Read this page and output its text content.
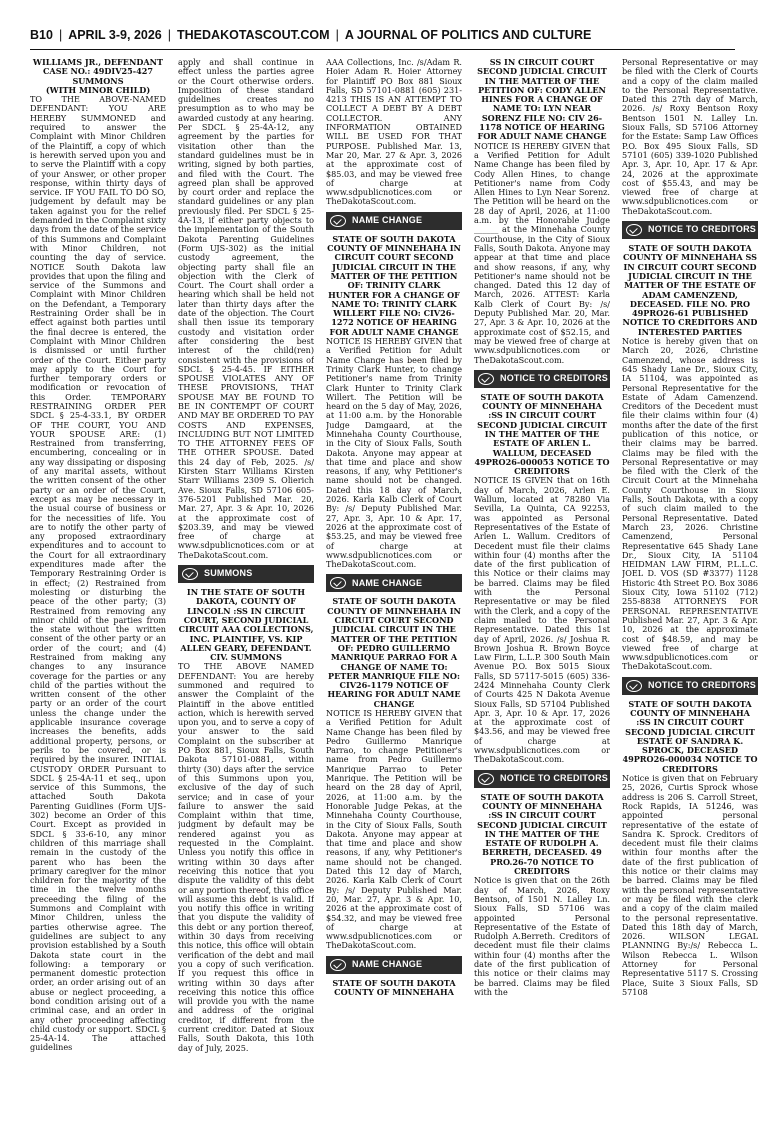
B10 | APRIL 3-9, 2026 | THEDAKOTASCOUT.COM | A JOURNAL OF POLITICS AND CULTURE
WILLIAMS JR., DEFENDANT
CASE NO.: 49DIV25-427
SUMMONS
(WITH MINOR CHILD)

TO THE ABOVE-NAMED DEFENDANT: YOU ARE HEREBY SUMMONED and required to answer the Complaint with Minor Children of the Plaintiff, a copy of which is herewith served upon you and to serve the Plaintiff with a copy of your Answer, or other proper response, within thirty days of service. IF YOU FAIL TO DO SO, judgement by default may be taken against you for the relief demanded in the Complaint sixty days from the date of the service of this Summons and Complaint with Minor Children, not counting the day of service. NOTICE South Dakota law provides that upon the filing and service of the Summons and Complaint with Minor Children on the Defendant, a Temporary Restraining Order shall be in effect against both parties until the final decree is entered, the Complaint with Minor Children is dismissed or until further order of the Court. Either party may apply to the Court for further temporary orders or modification or revocation of this Order. TEMPORARY RESTRAINING ORDER PER SDCL § 25-4-33.1, BY ORDER OF THE COURT, YOU AND YOUR SPOUSE ARE: (1) Restrained from transferring, encumbering, concealing or in any way dissipating or disposing of any marital assets, without the written consent of the other party or an order of the Court, except as may be necessary in the usual course of business or for the necessities of life. You are to notify the other party of any proposed extraordinary expenditures and to account to the Court for all extraordinary expenditures made after the Temporary Restraining Order is in effect; (2) Restrained from molesting or disturbing the peace of the other party; (3) Restrained from removing any minor child of the parties from the state without the written consent of the other party or an order of the court; and (4) Restrained from making any changes to any insurance coverage for the parties or any child of the parties without the written consent of the other party or an order of the court unless the change under the applicable insurance coverage increases the benefits, adds additional property, persons, or perils to be covered, or is required by the insurer. INITIAL CUSTODY ORDER Pursuant to SDCL § 25-4A-11 et seq., upon service of this Summons, the attached South Dakota Parenting Guidlines (Form UJS-302) become an Order of this Court. Except as provided in SDCL § 33-6-10, any minor children of this marriage shall remain in the custody of the parent who has been the primary caregiver for the minor children for the majority of the time in the twelve months preceeding the filing of the Summons and Complaint with Minor Children, unless the parties otherwise agree. The guidelines are subject to any provision established by a South Dakota state court in the following: a temporary or permanent domestic protection order, an order arising out of an abuse or neglect proceeding, a bond condition arising out of a criminal case, and an order in any other proceeding affecting child custody or support. SDCL § 25-4A-14. The attached guidelines

apply and shall continue in effect unless the parties agree or the Court otherwise orders. Imposition of these standard guidelines creates no presumption as to who may be awarded custody at any hearing. Per SDCL § 25-4A-12, any agreement by the parties for visitation other than the standard guidelines must be in writing, signed by both parties, and filed with the Court. The agreed plan shall be approved by court order and replace the standard guidelines or any plan previously filed. Per SDCL § 25-4A-13, if either party objects to the implementation of the South Dakota Parenting Guidelines (Form UJS-302) as the initial custody agreement, the objecting party shall file an objection with the Clerk of Court. The Court shall order a hearing which shall be held not later than thirty days after the date of the objection. The Court shall then issue its temporary custody and visitation order after considering the best interest of the child(ren) consistent with the provisions of SDCL § 25-4-45. IF EITHER SPOUSE VIOLATES ANY OF THESE PROVISIONS, THAT SPOUSE MAY BE FOUND TO BE IN CONTEMPT OF COURT AND MAY BE ORDERED TO PAY COSTS AND EXPENSES, INCLUDING BUT NOT LIMITED TO THE ATTORNEY FEES OF THE OTHER SPOUSE. Dated this 24 day of Feb, 2025. /s/ Kirsten Starr Williams Kirsten Starr Williams 2309 S. Olierich Ave. Sioux Falls, SD 57106 605-376-5201 Published Mar. 20, Mar. 27, Apr. 3 & Apr. 10, 2026 at the approximate cost of $203.39, and may be viewed free of charge at www.sdpublicnotices.com or at TheDakotaScout.com.

SUMMONS
IN THE STATE OF SOUTH DAKOTA, COUNTY OF LINCOLN :SS IN CIRCUIT COURT, SECOND JUDICIAL CIRCUIT AAA COLLECTIONS, INC. PLAINTIFF, VS. KIP ALLEN GEARY, DEFENDANT. CIV. SUMMONS

TO THE ABOVE NAMED DEFENDANT: You are hereby summoned and required to answer the Complaint of the Plaintiff in the above entitled action, which is herewith served upon you, and to serve a copy of your answer to the said Complaint on the subscriber at PO Box 881, Sioux Falls, South Dakota 57101-0881, within thirty (30) days after the service of this Summons upon you, exclusive of the day of such service; and in case of your failure to answer the said Complaint within that time, judgment by default may be rendered against you as requested in the Complaint. Unless you notify this office in writing within 30 days after receiving this notice that you dispute the validity of this debt or any portion thereof, this office will assume this debt is valid. If you notify this office in writing that you dispute the validity of this debt or any portion thereof, within 30 days from receiving this notice, this office will obtain verification of the debt and mail you a copy of such verification. If you request this office in writing within 30 days after receiving this notice this office will provide you with the name and address of the original creditor, if different from the current creditor. Dated at Sioux Falls, South Dakota, this 10th day of July, 2025.

AAA Collections, Inc. /s/Adam R. Hoier Adam R. Hoier Attorney for Plaintiff PO Box 881 Sioux Falls, SD 57101-0881 (605) 231-4213 THIS IS AN ATTEMPT TO COLLECT A DEBT BY A DEBT COLLECTOR. ANY INFORMATION OBTAINED WILL BE USED FOR THAT PURPOSE. Published Mar. 13, Mar 20, Mar. 27 & Apr. 3, 2026 at the approximate cost of $85.03, and may be viewed free of charge at www.sdpublicnotices.com or TheDakotaScout.com.

NAME CHANGE
STATE OF SOUTH DAKOTA COUNTY OF MINNEHAHA IN CIRCUIT COURT SECOND JUDICIAL CIRCUIT IN THE MATTER OF THE PETITION OF: TRINITY CLARK HUNTER FOR A CHANGE OF NAME TO: TRINITY CLARK WILLERT FILE NO: CIV26-1272 NOTICE OF HEARING FOR ADULT NAME CHANGE

NOTICE IS HEREBY GIVEN that a Verified Petition for Adult Name Change has been filed by Trinity Clark Hunter, to change Petitioner's name from Trinity Clark Hunter to Trinity Clark Willert. The Petition will be heard on the 5 day of May, 2026, at 11:00 a.m. by the Honorable Judge Damgaard, at the Minnehaha County Courthouse, in the City of Sioux Falls, South Dakota. Anyone may appear at that time and place and show reasons, if any, why Petitioner's name should not be changed. Dated this 18 day of March, 2026. Karla Kalb Clerk of Court By: /s/ Deputy Published Mar. 27, Apr. 3, Apr. 10 & Apr. 17, 2026 at the approximate cost of $53.25, and may be viewed free of charge at www.sdpublicnotices.com or TheDakotaScout.com.

NAME CHANGE
STATE OF SOUTH DAKOTA COUNTY OF MINNEHAHA IN CIRCUIT COURT SECOND JUDICIAL CIRCUIT IN THE MATTER OF THE PETITION OF: PEDRO GUILLERMO MANRIQUE PARRAO FOR A CHANGE OF NAME TO: PETER MANRIQUE FILE NO: CIV26-1179 NOTICE OF HEARING FOR ADULT NAME CHANGE

NOTICE IS HEREBY GIVEN that a Verified Petition for Adult Name Change has been filed by Pedro Guillermo Manrique Parrao, to change Petitioner's name from Pedro Guillermo Manrique Parrao to Peter Manrique. The Petition will be heard on the 28 day of April, 2026, at 11:00 a.m. by the Honorable Judge Pekas, at the Minnehaha County Courthouse, in the City of Sioux Falls, South Dakota. Anyone may appear at that time and place and show reasons, if any, why Petitioner's name should not be changed. Dated this 12 day of March, 2026. Karla Kalb Clerk of Court By: /s/ Deputy Published Mar. 20, Mar. 27, Apr. 3 & Apr. 10, 2026 at the approximate cost of $54.32, and may be viewed free of charge at www.sdpublicnotices.com or TheDakotaScout.com.

NAME CHANGE
STATE OF SOUTH DAKOTA COUNTY OF MINNEHAHA
SS IN CIRCUIT COURT SECOND JUDICIAL CIRCUIT IN THE MATTER OF THE PETITION OF: CODY ALLEN HINES FOR A CHANGE OF NAME TO: LYN NEAR SORENZ FILE NO: CIV 26-1178 NOTICE OF HEARING FOR ADULT NAME CHANGE

NOTICE IS HEREBY GIVEN that a Verified Petition for Adult Name Change has been filed by Cody Allen Hines, to change Petitioner's name from Cody Allen Hines to Lyn Near Sorenz. The Petition will be heard on the 28 day of April, 2026, at 11:00 a.m. by the Honorable Judge ______ at the Minnehaha County Courthouse, in the City of Sioux Falls, South Dakota. Anyone may appear at that time and place and show reasons, if any, why Petitioner's name should not be changed. Dated this 12 day of March, 2026. ATTEST: Karla Kalb Clerk of Court By: /s/ Deputy Published Mar. 20, Mar. 27, Apr. 3 & Apr. 10, 2026 at the approximate cost of $52.15, and may be viewed free of charge at www.sdpublicnotices.com or TheDakotaScout.com.

NOTICE TO CREDITORS
STATE OF SOUTH DAKOTA COUNTY OF MINNEHAHA :SS IN CIRCUIT COURT SECOND JUDICIAL CIRCUIT IN THE MATTER OF THE ESTATE OF ARLEN L. WALLUM, DECEASED 49PRO26-000053 NOTICE TO CREDITORS

NOTICE IS GIVEN that on 16th day of March, 2026, Arlen E. Wallum, located at 78280 Via Sevilla, La Quinta, CA 92253, was appointed as Personal Representatives of the Estate of Arlen L. Wallum. Creditors of Decedent must file their claims within four (4) months after the date of the first publication of this Notice or their claims may be barred. Claims may be filed with the Personal Representative or may be filed with the Clerk, and a copy of the claim mailed to the Personal Representative. Dated this 1st day of April, 2026. /s/ Joshua R. Brown Joshua R. Brown Boyce Law Firm, L.L.P. 300 South Main Avenue P.O. Box 5015 Sioux Falls, SD 57117-5015 (605) 336-2424 Minnehaha County Clerk of Courts 425 N Dakota Avenue Sioux Falls, SD 57104 Published Apr. 3, Apr. 10 & Apr. 17, 2026 at the approximate cost of $43.56, and may be viewed free of charge at www.sdpublicnotices.com or TheDakotaScout.com.

NOTICE TO CREDITORS
STATE OF SOUTH DAKOTA COUNTY OF MINNEHAHA :SS IN CIRCUIT COURT SECOND JUDICIAL CIRCUIT IN THE MATTER OF THE ESTATE OF RUDOLPH A. BERRETH, DECEASED. 49 PRO.26-70 NOTICE TO CREDITORS

Notice is given that on the 26th day of March, 2026, Roxy Bentson, of 1501 N. Lalley Ln. Sioux Falls, SD 57106 was appointed Personal Representative of the Estate of Rudolph A.Berreth. Creditors of decedent must file their claims within four (4) months after the date of the first publication of this notice or their claims may be barred. Claims may be filed with the

Personal Representative or may be filed with the Clerk of Courts and a copy of the claim mailed to the Personal Representative. Dated this 27th day of March, 2026. /s/ Roxy Bentson Roxy Bentson 1501 N. Lalley Ln. Sioux Falls, SD 57106 Attorney for the Estate: Samp Law Offices P.O. Box 495 Sioux Falls, SD 57101 (605) 339-1020 Published Apr. 3, Apr. 10, Apr. 17 & Apr. 24, 2026 at the approximate cost of $55.43, and may be viewed free of charge at www.sdpublicnotices.com or TheDakotaScout.com.

NOTICE TO CREDITORS
STATE OF SOUTH DAKOTA COUNTY OF MINNEHAHA SS IN CIRCUIT COURT SECOND JUDICIAL CIRCUIT IN THE MATTER OF THE ESTATE OF ADAM CAMENZEND, DECEASED. FILE NO. PRO 49PRO26-61 PUBLISHED NOTICE TO CREDITORS AND INTERESTED PARTIES

Notice is hereby given that on March 20, 2026, Christine Camenzend, whose address is 645 Shady Lane Dr., Sioux City, IA 51104, was appointed as Personal Representative for the Estate of Adam Camenzend. Creditors of the Decedent must file their claims within four (4) months after the date of the first publication of this notice, or their claims may be barred. Claims may be filed with the Personal Representative or may be filed with the Clerk of the Circuit Court at the Minnehaha County Courthouse in Sioux Falls, South Dakota, with a copy of such claim mailed to the Personal Representative. Dated March 23, 2026. Christine Camenzend, Personal Representative 645 Shady Lane Dr., Sioux City, IA 51104 HEIDMAN LAW FIRM, P.L.L.C. JOEL D. VOS (SD #3377) 1128 Historic 4th Street P.O. Box 3086 Sioux City, Iowa 51102 (712) 255-8838 ATTORNEYS FOR PERSONAL REPRESENTATIVE Published Mar. 27, Apr. 3 & Apr. 10, 2026 at the approximate cost of $48.59, and may be viewed free of charge at www.sdpublicnotices.com or TheDakotaScout.com.

NOTICE TO CREDITORS
STATE OF SOUTH DAKOTA COUNTY OF MINNEHAHA :SS IN CIRCUIT COURT SECOND JUDICIAL CIRCUIT ESTATE OF SANDRA K. SPROCK, DECEASED 49PRO26-000034 NOTICE TO CREDITORS

Notice is given that on February 25, 2026, Curtis Sprock whose address is 206 S. Carroll Street, Rock Rapids, IA 51246, was appointed personal representative of the estate of Sandra K. Sprock. Creditors of decedent must file their claims within four months after the date of the first publication of this notice or their claims may be barred. Claims may be filed with the personal representative or may be filed with the clerk and a copy of the claim mailed to the personal representative. Dated this 18th day of March, 2026. WILSON LEGAL PLANNING By:/s/ Rebecca L. Wilson Rebecca L. Wilson Attorney for Personal Representative 5117 S. Crossing Place, Suite 3 Sioux Falls, SD 57108
